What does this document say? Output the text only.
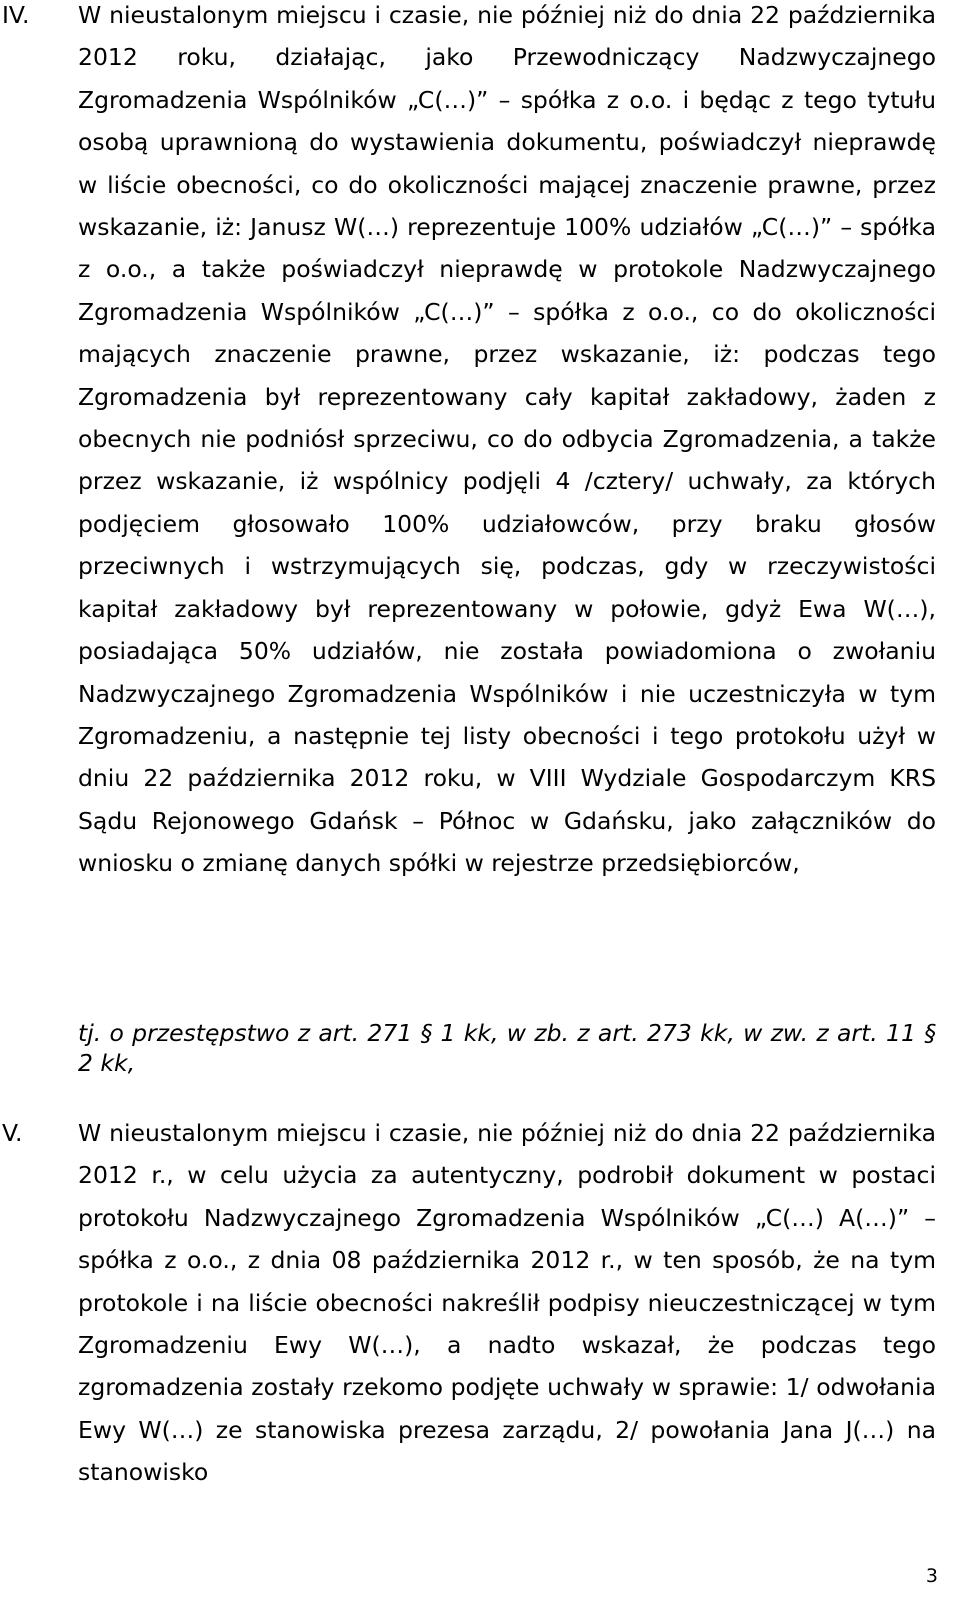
IV. W nieustalonym miejscu i czasie, nie później niż do dnia 22 października 2012 roku, działając, jako Przewodniczący Nadzwyczajnego Zgromadzenia Wspólników „C(…)” – spółka z o.o. i będąc z tego tytułu osobą uprawnioną do wystawienia dokumentu, poświadczył nieprawdę w liście obecności, co do okoliczności mającej znaczenie prawne, przez wskazanie, iż: Janusz W(…) reprezentuje 100% udziałów „C(…)” – spółka z o.o., a także poświadczył nieprawdę w protokole Nadzwyczajnego Zgromadzenia Wspólników „C(…)” – spółka z o.o., co do okoliczności mających znaczenie prawne, przez wskazanie, iż: podczas tego Zgromadzenia był reprezentowany cały kapitał zakładowy, żaden z obecnych nie podniósł sprzeciwu, co do odbycia Zgromadzenia, a także przez wskazanie, iż wspólnicy podjęli 4 /cztery/ uchwały, za których podjęciem głosowało 100% udziałowców, przy braku głosów przeciwnych i wstrzymujących się, podczas, gdy w rzeczywistości kapitał zakładowy był reprezentowany w połowie, gdyż Ewa W(…), posiadająca 50% udziałów, nie została powiadomiona o zwołaniu Nadzwyczajnego Zgromadzenia Wspólników i nie uczestniczyła w tym Zgromadzeniu, a następnie tej listy obecności i tego protokołu użył w dniu 22 października 2012 roku, w VIII Wydziale Gospodarczym KRS Sądu Rejonowego Gdańsk – Północ w Gdańsku, jako załączników do wniosku o zmianę danych spółki w rejestrze przedsiębiorców,

tj. o przestępstwo z art. 271 § 1 kk, w zb. z art. 273 kk, w zw. z art. 11 § 2 kk,

V. W nieustalonym miejscu i czasie, nie później niż do dnia 22 października 2012 r., w celu użycia za autentyczny, podrobił dokument w postaci protokołu Nadzwyczajnego Zgromadzenia Wspólników „C(…) A(…)” – spółka z o.o., z dnia 08 października 2012 r., w ten sposób, że na tym protokole i na liście obecności nakreślił podpisy nieuczestniczącej w tym Zgromadzeniu Ewy W(…), a nadto wskazał, że podczas tego zgromadzenia zostały rzekomo podjęte uchwały w sprawie: 1/ odwołania Ewy W(…) ze stanowiska prezesa zarządu, 2/ powołania Jana J(…) na stanowisko

3
